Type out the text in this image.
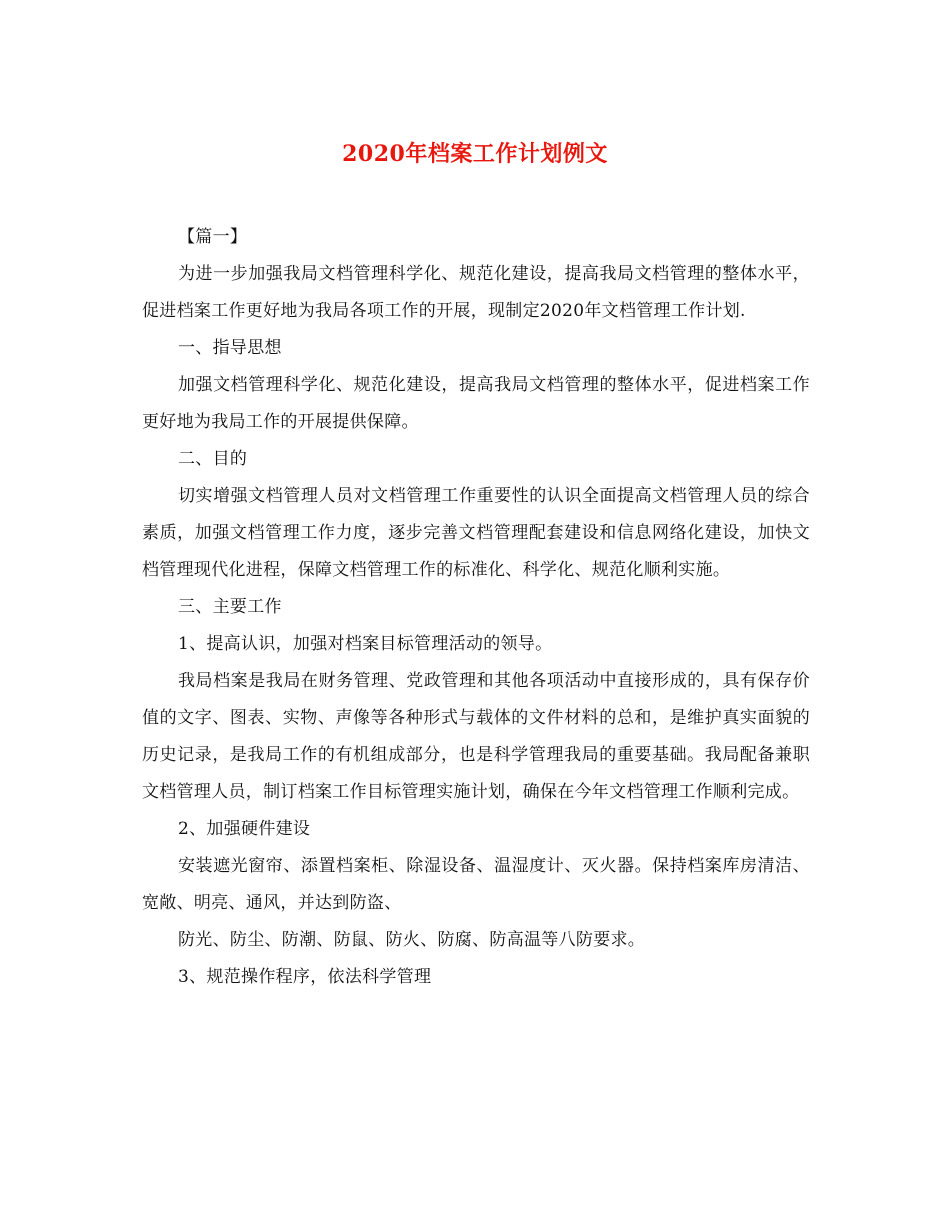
2020年档案工作计划例文

【篇一】

为进一步加强我局文档管理科学化、规范化建设，提高我局文档管理的整体水平，促进档案工作更好地为我局各项工作的开展，现制定2020年文档管理工作计划.

一、指导思想

加强文档管理科学化、规范化建设，提高我局文档管理的整体水平，促进档案工作更好地为我局工作的开展提供保障。

二、目的

切实增强文档管理人员对文档管理工作重要性的认识全面提高文档管理人员的综合素质，加强文档管理工作力度，逐步完善文档管理配套建设和信息网络化建设，加快文档管理现代化进程，保障文档管理工作的标准化、科学化、规范化顺利实施。

三、主要工作

1、提高认识，加强对档案目标管理活动的领导。

我局档案是我局在财务管理、党政管理和其他各项活动中直接形成的，具有保存价值的文字、图表、实物、声像等各种形式与载体的文件材料的总和，是维护真实面貌的历史记录，是我局工作的有机组成部分，也是科学管理我局的重要基础。我局配备兼职文档管理人员，制订档案工作目标管理实施计划，确保在今年文档管理工作顺利完成。

2、加强硬件建设

安装遮光窗帘、添置档案柜、除湿设备、温湿度计、灭火器。保持档案库房清洁、宽敞、明亮、通风，并达到防盗、

防光、防尘、防潮、防鼠、防火、防腐、防高温等八防要求。

3、规范操作程序，依法科学管理
